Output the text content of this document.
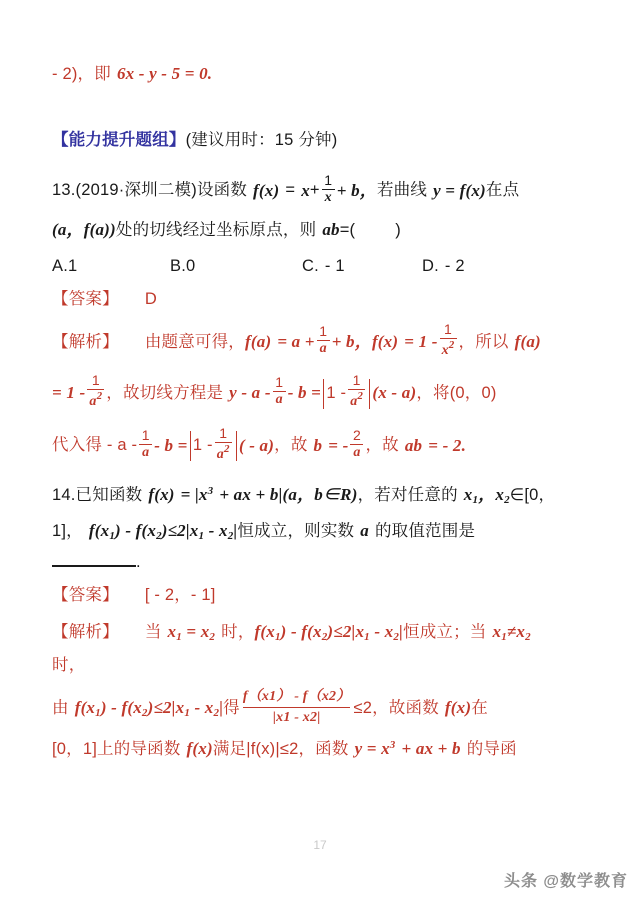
- 2)，即 6x - y - 5 = 0.
【能力提升题组】 (建议用时：15 分钟)
13. (2019·深圳二模) 设函数 $f(x) = x + \frac{1}{x} + b$， 若曲线 y = f(x) 在点
(a，f(a)) 处的切线经过坐标原点，则 ab =( )
A. 1	B. 0	C. - 1	D. - 2
【答案】 D
【解析】 由题意可得， $f(a) = a + \frac{1}{a} + b$， $f(x) = 1 - \frac{1}{x^2}$ ，所以 f(a)
= $1 - \frac{1}{a^2}$ ，故切线方程是 $y - a - \frac{1}{a} - b = 1 - \frac{1}{a^2} (x - a)$ ，将(0，0)
代入得 - $a - \frac{1}{a} - b = 1 - \frac{1}{a^2}$ ( - a) ，故 b = - $\frac{2}{a}$ ，故 ab = - 2.
14. 已知函数 $f(x) = |x^3$ + ax + b| (a，b∈R) ，若对任意的 $x_1$，$x_2$ ∈[0，
1]， $f(x_1) - f(x_2)\le 2|x_1 - x_2|$ 恒成立，则实数 a 的取值范围是
.
【答案】 [ - 2，- 1]
【解析】 当 $x_1 = x_2$ 时， $f(x_1) - f(x_2)\le 2|x_1 - x_2|$ 恒成立；当 $x_1\ne x_2$
时，
由 $f(x_1) - f(x_2)\le 2|x_1 - x_2|$ 得
f（x1） - f（x2）
|x1 - x2|
≤2 ，故函数 f(x) 在
[0，1]上的导函数 f(x) 满足|f(x)|≤2，函数 $y = x^3$ + ax + b 的导函
17
头条 @数学教育
